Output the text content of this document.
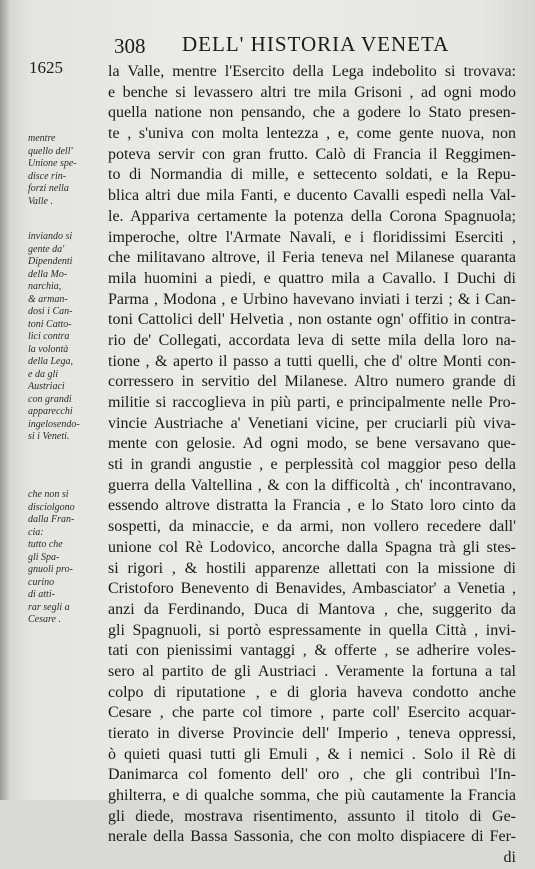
308 DELL' HISTORIA VENETA
1625
mentre
quello dell'
Unione spe-
disce rin-
forzi nella
Valle .
inviando si
gente da'
Dipendenti
della Mo-
narchia,
& arman-
dosi i Can-
toni Catto-
lici contra
la volontà
della Lega,
e da gli
Austriaci
con grandi
apparecchi
ingelosendo-
si i Veneti.
che non si
disciolgono
dalla Fran-
cia:
tutto che
gli Spa-
gnuoli pro-
curino
di atti-
rar segli a
Cesare .
la Valle, mentre l'Esercito della Lega indebolito si trovava:
e benche si levassero altri tre mila Grisoni , ad ogni modo
quella natione non pensando, che a godere lo Stato presen-
te , s'univa con molta lentezza , e, come gente nuova, non
poteva servir con gran frutto. Calò di Francia il Reggimen-
to di Normandia di mille, e settecento soldati, e la Repu-
blica altri due mila Fanti, e ducento Cavalli espedì nella Val-
le. Appariva certamente la potenza della Corona Spagnuola;
imperoche, oltre l'Armate Navali, e i floridissimi Eserciti ,
che militavano altrove, il Feria teneva nel Milanese quaranta
mila huomini a piedi, e quattro mila a Cavallo. I Duchi di
Parma , Modona , e Urbino havevano inviati i terzi ; & i Can-
toni Cattolici dell' Helvetia , non ostante ogn' offitio in contra-
rio de' Collegati, accordata leva di sette mila della loro na-
tione , & aperto il passo a tutti quelli, che d' oltre Monti con-
corressero in servitio del Milanese. Altro numero grande di
militie si raccoglieva in più parti, e principalmente nelle Pro-
vincie Austriache a' Venetiani vicine, per cruciarli più viva-
mente con gelosie. Ad ogni modo, se bene versavano que-
sti in grandi angustie , e perplessità col maggior peso della
guerra della Valtellina , & con la difficoltà , ch' incontravano,
essendo altrove distratta la Francia , e lo Stato loro cinto da
sospetti, da minaccie, e da armi, non vollero recedere dall'
unione col Rè Lodovico, ancorche dalla Spagna trà gli stes-
si rigori , & hostili apparenze allettati con la missione di
Cristoforo Benevento di Benavides, Ambasciator' a Venetia ,
anzi da Ferdinando, Duca di Mantova , che, suggerito da
gli Spagnuoli, si portò espressamente in quella Città , invi-
tati con pienissimi vantaggi , & offerte , se adherire voles-
sero al partito de gli Austriaci . Veramente la fortuna a tal
colpo di riputatione , e di gloria haveva condotto anche
Cesare , che parte col timore , parte coll' Esercito acquar-
tierato in diverse Provincie dell' Imperio , teneva oppressi,
ò quieti quasi tutti gli Emuli , & i nemici . Solo il Rè di
Danimarca col fomento dell' oro , che gli contribuì l'In-
ghilterra, e di qualche somma, che più cautamente la Francia
gli diede, mostrava risentimento, assunto il titolo di Ge-
nerale della Bassa Sassonia, che con molto dispiacere di Fer-
di
